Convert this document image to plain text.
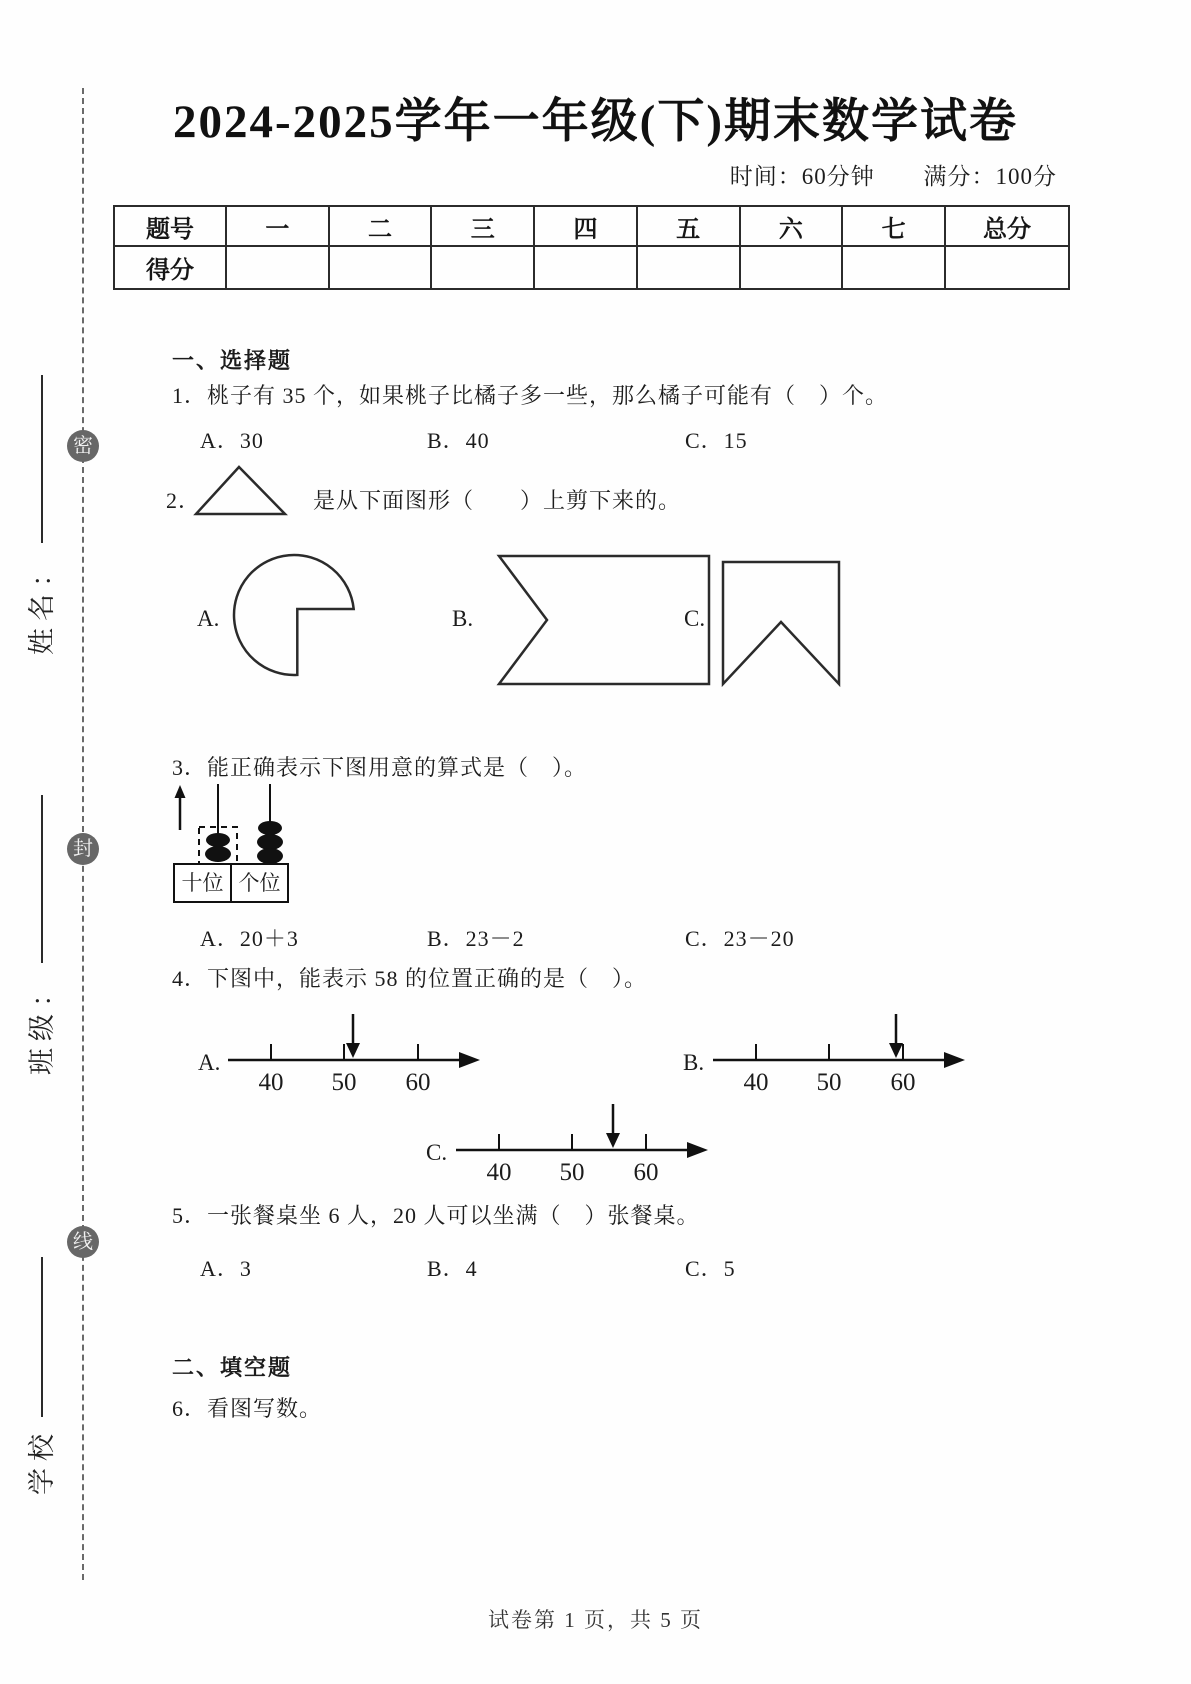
密
封
线
姓名：
班级：
学校
2024-2025学年一年级(下)期末数学试卷
时间：60分钟 满分：100分
题号	一	二	三	四	五	六	七	总分
得分								
一、选择题
1．桃子有 35 个，如果桃子比橘子多一些，那么橘子可能有（　）个。
A．30	B．40	C．15
2．	是从下面图形（　　）上剪下来的。
A.	B.	C.
3．能正确表示下图用意的算式是（　）。
十位 个位
A．20＋3	B．23－2	C．23－20
4．下图中，能表示 58 的位置正确的是（　）。
A.
40 50 60
B.
40 50 60
C.
40 50 60
5．一张餐桌坐 6 人，20 人可以坐满（　）张餐桌。
A．3	B．4	C．5
二、填空题
6．看图写数。
试卷第 1 页，共 5 页
